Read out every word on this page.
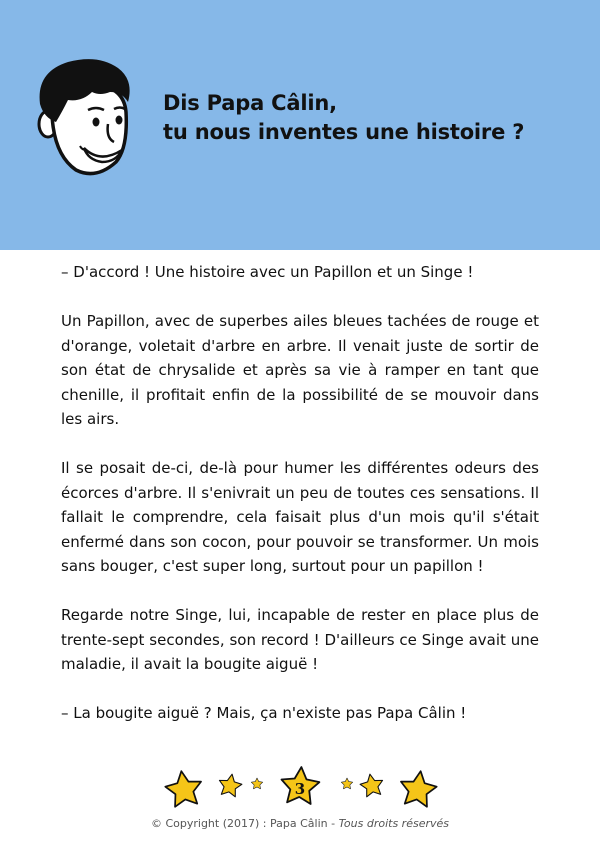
Dis Papa Câlin,
tu nous inventes une histoire ?

– D'accord ! Une histoire avec un Papillon et un Singe !

Un Papillon, avec de superbes ailes bleues tachées de rouge et d'orange, voletait d'arbre en arbre. Il venait juste de sortir de son état de chrysalide et après sa vie à ramper en tant que chenille, il profitait enfin de la possibilité de se mouvoir dans les airs.

Il se posait de-ci, de-là pour humer les différentes odeurs des écorces d'arbre. Il s'enivrait un peu de toutes ces sensations. Il fallait le comprendre, cela faisait plus d'un mois qu'il s'était enfermé dans son cocon, pour pouvoir se transformer. Un mois sans bouger, c'est super long, surtout pour un papillon !

Regarde notre Singe, lui, incapable de rester en place plus de trente-sept secondes, son record ! D'ailleurs ce Singe avait une maladie, il avait la bougite aiguë !

– La bougite aiguë ? Mais, ça n'existe pas Papa Câlin !

3
© Copyright (2017) : Papa Câlin - Tous droits réservés
